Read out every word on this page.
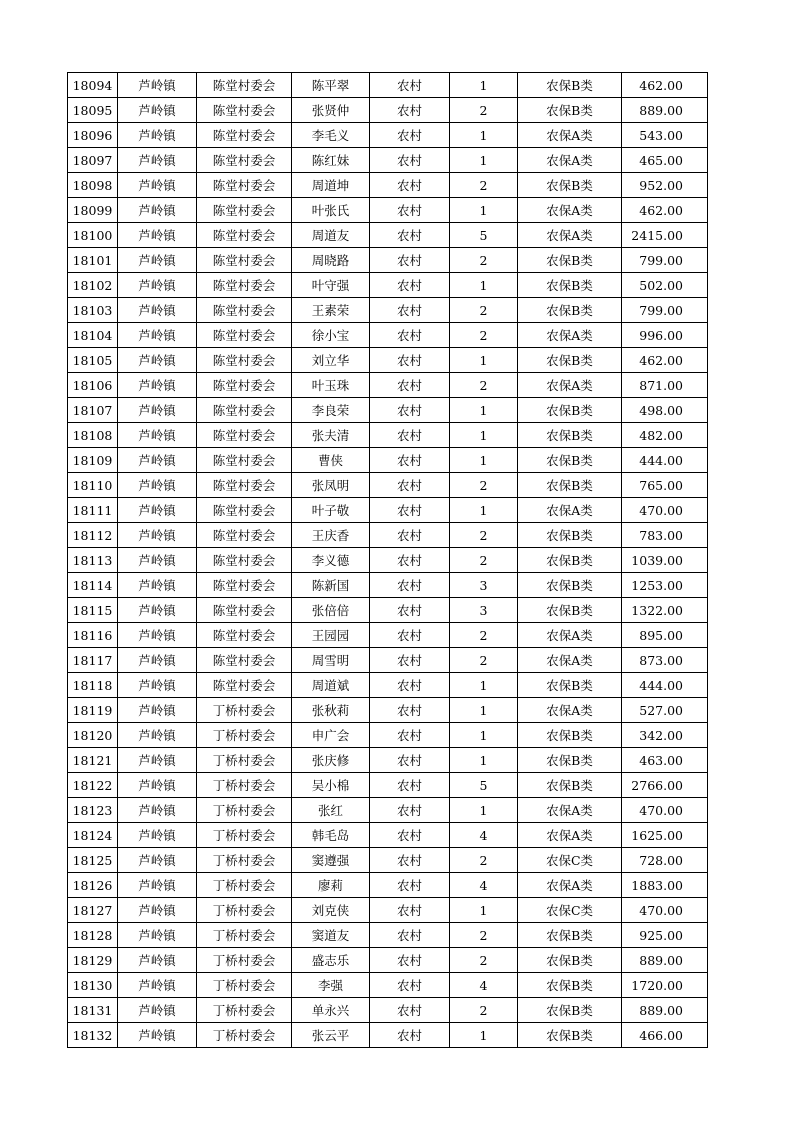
18094	芦岭镇	陈堂村委会	陈平翠	农村	1	农保B类	462.00
18095	芦岭镇	陈堂村委会	张贤仲	农村	2	农保B类	889.00
18096	芦岭镇	陈堂村委会	李毛义	农村	1	农保A类	543.00
18097	芦岭镇	陈堂村委会	陈红妹	农村	1	农保A类	465.00
18098	芦岭镇	陈堂村委会	周道坤	农村	2	农保B类	952.00
18099	芦岭镇	陈堂村委会	叶张氏	农村	1	农保A类	462.00
18100	芦岭镇	陈堂村委会	周道友	农村	5	农保A类	2415.00
18101	芦岭镇	陈堂村委会	周晓路	农村	2	农保B类	799.00
18102	芦岭镇	陈堂村委会	叶守强	农村	1	农保B类	502.00
18103	芦岭镇	陈堂村委会	王素荣	农村	2	农保B类	799.00
18104	芦岭镇	陈堂村委会	徐小宝	农村	2	农保A类	996.00
18105	芦岭镇	陈堂村委会	刘立华	农村	1	农保B类	462.00
18106	芦岭镇	陈堂村委会	叶玉珠	农村	2	农保A类	871.00
18107	芦岭镇	陈堂村委会	李良荣	农村	1	农保B类	498.00
18108	芦岭镇	陈堂村委会	张夫清	农村	1	农保B类	482.00
18109	芦岭镇	陈堂村委会	曹侠	农村	1	农保B类	444.00
18110	芦岭镇	陈堂村委会	张凤明	农村	2	农保B类	765.00
18111	芦岭镇	陈堂村委会	叶子敬	农村	1	农保A类	470.00
18112	芦岭镇	陈堂村委会	王庆香	农村	2	农保B类	783.00
18113	芦岭镇	陈堂村委会	李义德	农村	2	农保B类	1039.00
18114	芦岭镇	陈堂村委会	陈新国	农村	3	农保B类	1253.00
18115	芦岭镇	陈堂村委会	张倍倍	农村	3	农保B类	1322.00
18116	芦岭镇	陈堂村委会	王园园	农村	2	农保A类	895.00
18117	芦岭镇	陈堂村委会	周雪明	农村	2	农保A类	873.00
18118	芦岭镇	陈堂村委会	周道斌	农村	1	农保B类	444.00
18119	芦岭镇	丁桥村委会	张秋莉	农村	1	农保A类	527.00
18120	芦岭镇	丁桥村委会	申广会	农村	1	农保B类	342.00
18121	芦岭镇	丁桥村委会	张庆修	农村	1	农保B类	463.00
18122	芦岭镇	丁桥村委会	吴小棉	农村	5	农保B类	2766.00
18123	芦岭镇	丁桥村委会	张红	农村	1	农保A类	470.00
18124	芦岭镇	丁桥村委会	韩毛岛	农村	4	农保A类	1625.00
18125	芦岭镇	丁桥村委会	窦遵强	农村	2	农保C类	728.00
18126	芦岭镇	丁桥村委会	廖莉	农村	4	农保A类	1883.00
18127	芦岭镇	丁桥村委会	刘克侠	农村	1	农保C类	470.00
18128	芦岭镇	丁桥村委会	窦道友	农村	2	农保B类	925.00
18129	芦岭镇	丁桥村委会	盛志乐	农村	2	农保B类	889.00
18130	芦岭镇	丁桥村委会	李强	农村	4	农保B类	1720.00
18131	芦岭镇	丁桥村委会	单永兴	农村	2	农保B类	889.00
18132	芦岭镇	丁桥村委会	张云平	农村	1	农保B类	466.00
